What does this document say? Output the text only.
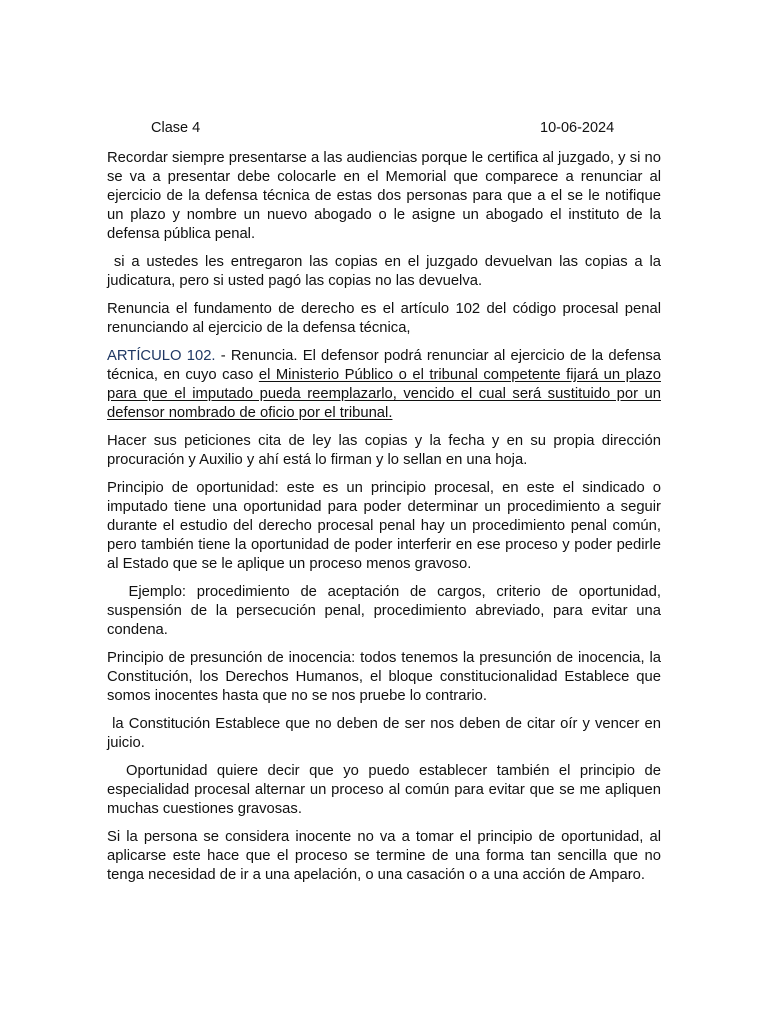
Clase 4	10-06-2024

Recordar siempre presentarse a las audiencias porque le certifica al juzgado, y si no se va a presentar debe colocarle en el Memorial que comparece a renunciar al ejercicio de la defensa técnica de estas dos personas para que a el se le notifique un plazo y nombre un nuevo abogado o le asigne un abogado el instituto de la defensa pública penal.

si a ustedes les entregaron las copias en el juzgado devuelvan las copias a la judicatura, pero si usted pagó las copias no las devuelva.

Renuncia el fundamento de derecho es el artículo 102 del código procesal penal renunciando al ejercicio de la defensa técnica,

ARTÍCULO 102. - Renuncia. El defensor podrá renunciar al ejercicio de la defensa técnica, en cuyo caso el Ministerio Público o el tribunal competente fijará un plazo para que el imputado pueda reemplazarlo, vencido el cual será sustituido por un defensor nombrado de oficio por el tribunal.

Hacer sus peticiones cita de ley las copias y la fecha y en su propia dirección procuración y Auxilio y ahí está lo firman y lo sellan en una hoja.

Principio de oportunidad: este es un principio procesal, en este el sindicado o imputado tiene una oportunidad para poder determinar un procedimiento a seguir durante el estudio del derecho procesal penal hay un procedimiento penal común, pero también tiene la oportunidad de poder interferir en ese proceso y poder pedirle al Estado que se le aplique un proceso menos gravoso.

Ejemplo: procedimiento de aceptación de cargos, criterio de oportunidad, suspensión de la persecución penal, procedimiento abreviado, para evitar una condena.

Principio de presunción de inocencia: todos tenemos la presunción de inocencia, la Constitución, los Derechos Humanos, el bloque constitucionalidad Establece que somos inocentes hasta que no se nos pruebe lo contrario.

la Constitución Establece que no deben de ser nos deben de citar oír y vencer en juicio.

Oportunidad quiere decir que yo puedo establecer también el principio de especialidad procesal alternar un proceso al común para evitar que se me apliquen muchas cuestiones gravosas.

Si la persona se considera inocente no va a tomar el principio de oportunidad, al aplicarse este hace que el proceso se termine de una forma tan sencilla que no tenga necesidad de ir a una apelación, o una casación o a una acción de Amparo.
